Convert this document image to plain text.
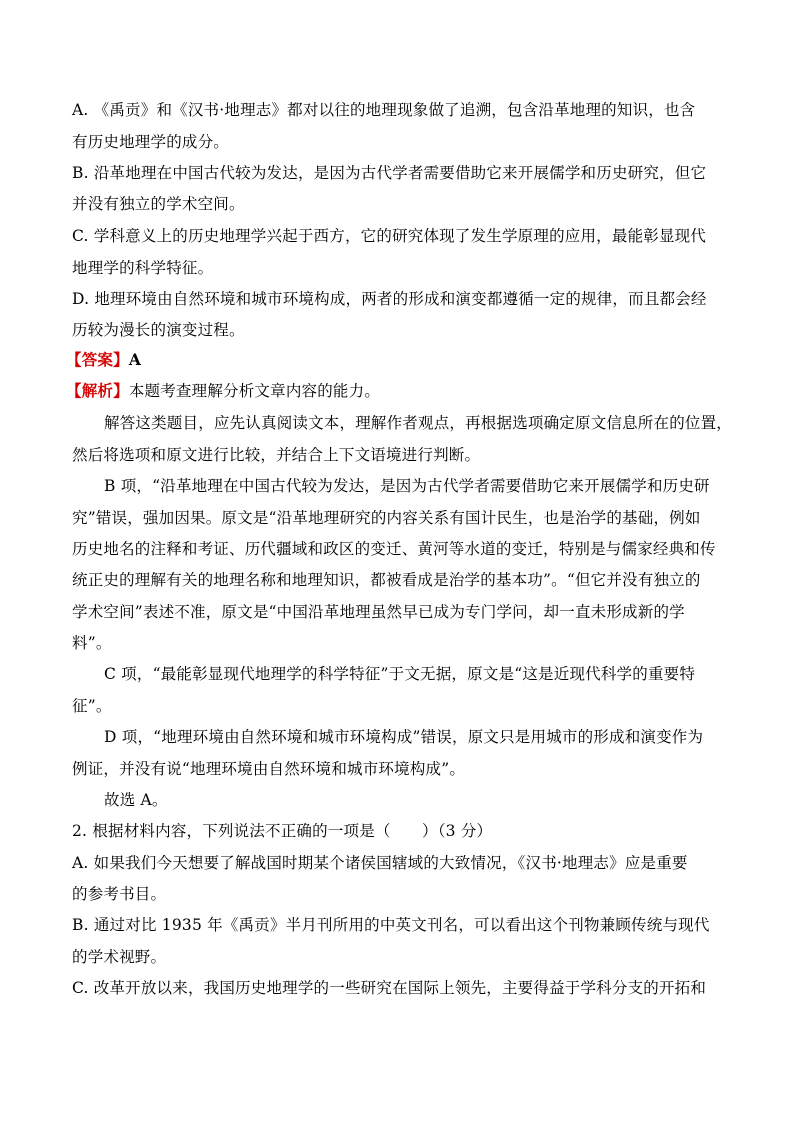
A. 《禹贡》和《汉书·地理志》都对以往的地理现象做了追溯，包含沿革地理的知识，也含
有历史地理学的成分。
B. 沿革地理在中国古代较为发达，是因为古代学者需要借助它来开展儒学和历史研究，但它
并没有独立的学术空间。
C. 学科意义上的历史地理学兴起于西方，它的研究体现了发生学原理的应用，最能彰显现代
地理学的科学特征。
D. 地理环境由自然环境和城市环境构成，两者的形成和演变都遵循一定的规律，而且都会经
历较为漫长的演变过程。
【答案】A
【解析】本题考查理解分析文章内容的能力。
解答这类题目，应先认真阅读文本，理解作者观点，再根据选项确定原文信息所在的位置，
然后将选项和原文进行比较，并结合上下文语境进行判断。
B 项，“沿革地理在中国古代较为发达，是因为古代学者需要借助它来开展儒学和历史研
究”错误，强加因果。原文是“沿革地理研究的内容关系有国计民生，也是治学的基础，例如
历史地名的注释和考证、历代疆域和政区的变迁、黄河等水道的变迁，特别是与儒家经典和传
统正史的理解有关的地理名称和地理知识，都被看成是治学的基本功”。“但它并没有独立的
学术空间”表述不准，原文是“中国沿革地理虽然早已成为专门学问，却一直未形成新的学
料”。
C 项，“最能彰显现代地理学的科学特征”于文无据，原文是“这是近现代科学的重要特
征”。
D 项，“地理环境由自然环境和城市环境构成”错误，原文只是用城市的形成和演变作为
例证，并没有说“地理环境由自然环境和城市环境构成”。
故选 A。
2. 根据材料内容，下列说法不正确的一项是（　　）（3 分）
A. 如果我们今天想要了解战国时期某个诸侯国辖域的大致情况，《汉书·地理志》应是重要
的参考书目。
B. 通过对比 1935 年《禹贡》半月刊所用的中英文刊名，可以看出这个刊物兼顾传统与现代
的学术视野。
C. 改革开放以来，我国历史地理学的一些研究在国际上领先，主要得益于学科分支的开拓和
